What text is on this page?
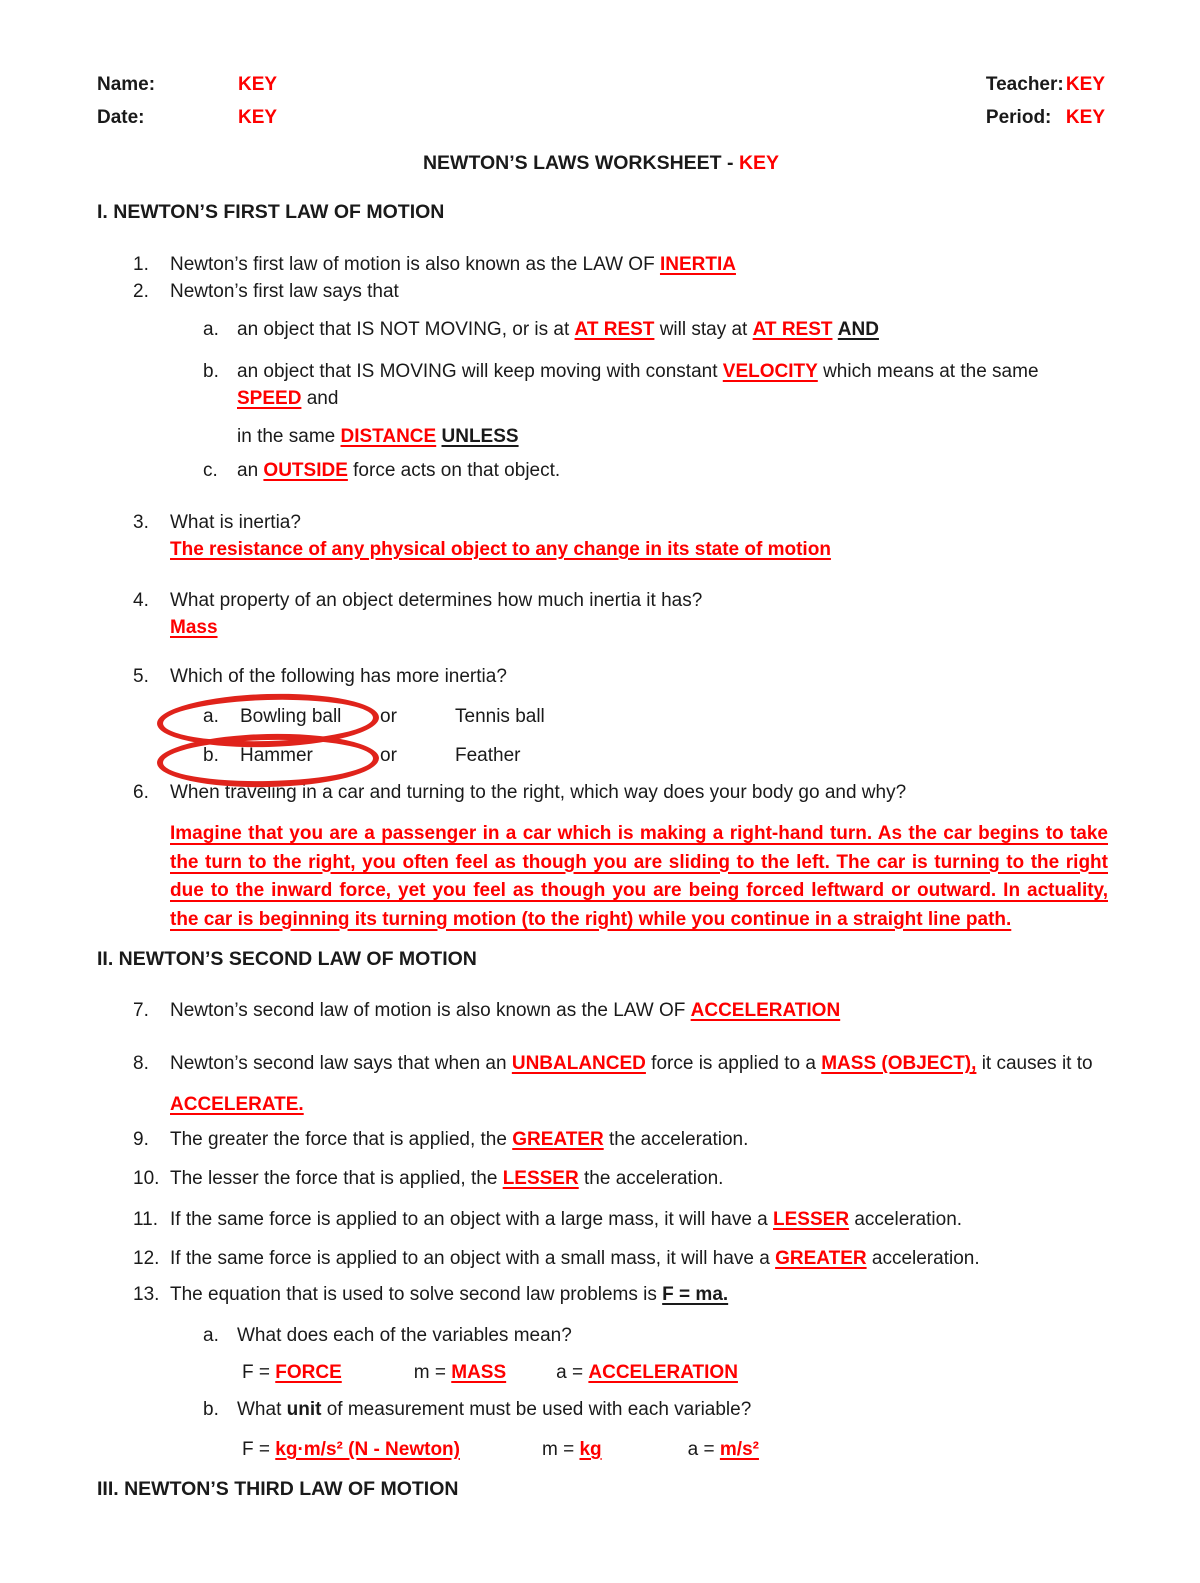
Name:	KEY
Date:	KEY
Teacher: KEY
Period: KEY
NEWTON’S LAWS WORKSHEET - KEY
I. NEWTON’S FIRST LAW OF MOTION
1.	Newton’s first law of motion is also known as the LAW OF INERTIA
2.	Newton’s first law says that
a. an object that IS NOT MOVING, or is at AT REST will stay at AT REST AND
b. an object that IS MOVING will keep moving with constant VELOCITY which means at the same SPEED and
in the same DISTANCE UNLESS
c.	an OUTSIDE force acts on that object.
3.	What is inertia?
The resistance of any physical object to any change in its state of motion
4.	What property of an object determines how much inertia it has?
Mass
5.	Which of the following has more inertia?
a.	Bowling ball	or	Tennis ball
b.	Hammer	or	Feather
6.	When traveling in a car and turning to the right, which way does your body go and why?
Imagine that you are a passenger in a car which is making a right-hand turn. As the car begins to take the turn to the right, you often feel as though you are sliding to the left. The car is turning to the right due to the inward force, yet you feel as though you are being forced leftward or outward. In actuality, the car is beginning its turning motion (to the right) while you continue in a straight line path.
II. NEWTON’S SECOND LAW OF MOTION
7.	Newton’s second law of motion is also known as the LAW OF ACCELERATION
8.	Newton’s second law says that when an UNBALANCED force is applied to a MASS (OBJECT), it causes it to
ACCELERATE.
9.	The greater the force that is applied, the GREATER the acceleration.
10. The lesser the force that is applied, the LESSER the acceleration.
11. If the same force is applied to an object with a large mass, it will have a LESSER acceleration.
12. If the same force is applied to an object with a small mass, it will have a GREATER acceleration.
13. The equation that is used to solve second law problems is F = ma.
a. What does each of the variables mean?
F = FORCE	m = MASS	a = ACCELERATION
b. What unit of measurement must be used with each variable?
F = kg·m/s² (N - Newton)	m = kg	a = m/s²
III. NEWTON’S THIRD LAW OF MOTION
